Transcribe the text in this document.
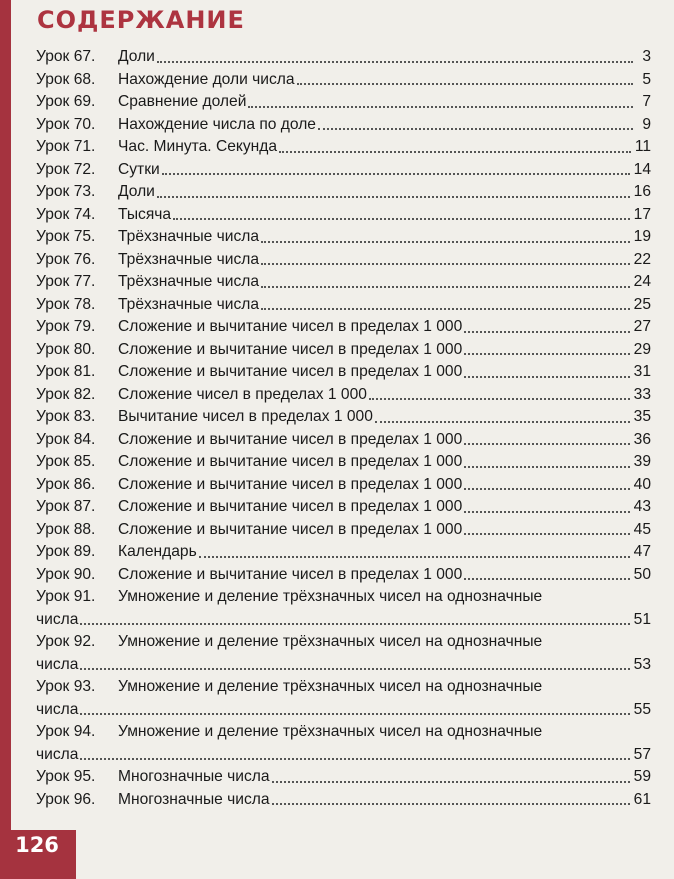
СОДЕРЖАНИЕ
Урок 67.	Доли	3
Урок 68.	Нахождение доли числа	5
Урок 69.	Сравнение долей	7
Урок 70.	Нахождение числа по доле	9
Урок 71.	Час. Минута. Секунда	11
Урок 72.	Сутки	14
Урок 73.	Доли	16
Урок 74.	Тысяча	17
Урок 75.	Трёхзначные числа	19
Урок 76.	Трёхзначные числа	22
Урок 77.	Трёхзначные числа	24
Урок 78.	Трёхзначные числа	25
Урок 79.	Сложение и вычитание чисел в пределах 1 000	27
Урок 80.	Сложение и вычитание чисел в пределах 1 000	29
Урок 81.	Сложение и вычитание чисел в пределах 1 000	31
Урок 82.	Сложение чисел в пределах 1 000	33
Урок 83.	Вычитание чисел в пределах 1 000	35
Урок 84.	Сложение и вычитание чисел в пределах 1 000	36
Урок 85.	Сложение и вычитание чисел в пределах 1 000	39
Урок 86.	Сложение и вычитание чисел в пределах 1 000	40
Урок 87.	Сложение и вычитание чисел в пределах 1 000	43
Урок 88.	Сложение и вычитание чисел в пределах 1 000	45
Урок 89.	Календарь	47
Урок 90.	Сложение и вычитание чисел в пределах 1 000	50
Урок 91.	Умножение и деление трёхзначных чисел на однозначные
числа	51
Урок 92.	Умножение и деление трёхзначных чисел на однозначные
числа	53
Урок 93.	Умножение и деление трёхзначных чисел на однозначные
числа	55
Урок 94.	Умножение и деление трёхзначных чисел на однозначные
числа	57
Урок 95.	Многозначные числа	59
Урок 96.	Многозначные числа	61
126
